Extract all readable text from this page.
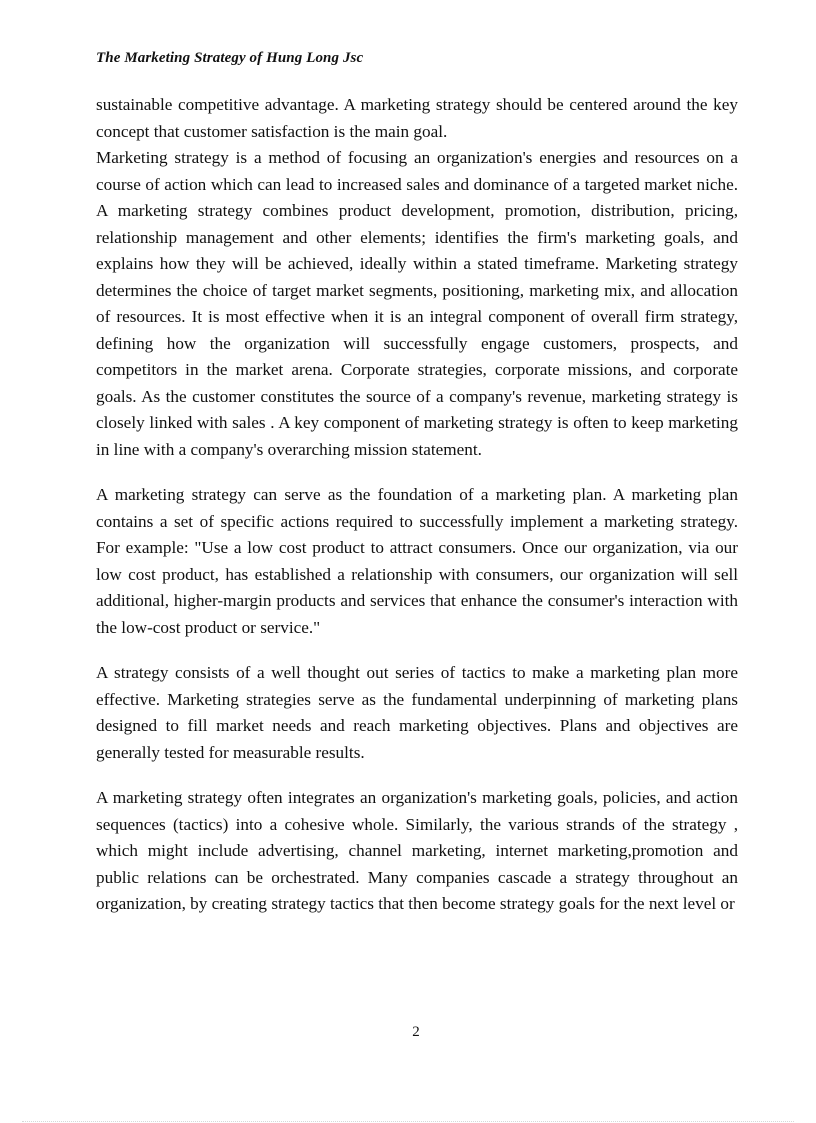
The Marketing Strategy of Hung Long Jsc

sustainable competitive advantage. A marketing strategy should be centered around the key concept that customer satisfaction is the main goal.

Marketing strategy is a method of focusing an organization's energies and resources on a course of action which can lead to increased sales and dominance of a targeted market niche. A marketing strategy combines product development, promotion, distribution, pricing, relationship management and other elements; identifies the firm's marketing goals, and explains how they will be achieved, ideally within a stated timeframe. Marketing strategy determines the choice of target market segments, positioning, marketing mix, and allocation of resources. It is most effective when it is an integral component of overall firm strategy, defining how the organization will successfully engage customers, prospects, and competitors in the market arena. Corporate strategies, corporate missions, and corporate goals. As the customer constitutes the source of a company's revenue, marketing strategy is closely linked with sales . A key component of marketing strategy is often to keep marketing in line with a company's overarching mission statement.

A marketing strategy can serve as the foundation of a marketing plan. A marketing plan contains a set of specific actions required to successfully implement a marketing strategy. For example: "Use a low cost product to attract consumers. Once our organization, via our low cost product, has established a relationship with consumers, our organization will sell additional, higher-margin products and services that enhance the consumer's interaction with the low-cost product or service."

A strategy consists of a well thought out series of tactics to make a marketing plan more effective. Marketing strategies serve as the fundamental underpinning of marketing plans designed to fill market needs and reach marketing objectives. Plans and objectives are generally tested for measurable results.

A marketing strategy often integrates an organization's marketing goals, policies, and action sequences (tactics) into a cohesive whole. Similarly, the various strands of the strategy , which might include advertising, channel marketing, internet marketing,promotion and public relations can be orchestrated. Many companies cascade a strategy throughout an organization, by creating strategy tactics that then become strategy goals for the next level or

2
